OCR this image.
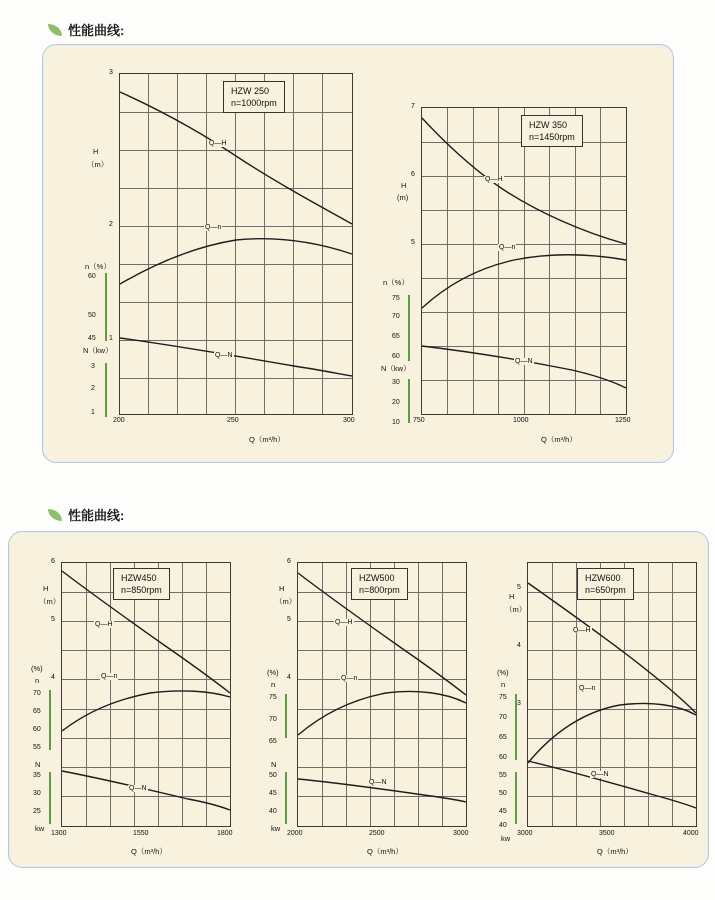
性能曲线:
Q—H
Q—n
Q—N
HZW 250
n=1000rpm
H
（m）
3
2
1
n（%）
60
50
45
N（kw）
3
2
1
200	250	300
Q（m³/h）
Q—H
Q—n
Q—N
HZW 350
n=1450rpm
H
(m)
7
6
5
n（%）
75
70
65
60
N（kw）
30
20
10 750	1000	1250
Q（m³/h）
性能曲线:
Q—H
Q—n
Q—N
HZW450
n=850rpm
H
（m）
6
5
4
(%)
n
70
65
60
55
N
35
30
25
kw
1300	1550	1800
Q（m³/h）
Q—H
Q—n
Q—N
HZW500
n=800rpm
H
（m）
6
5
4
(%)
n
75
70
65
N
50
45
40
kw
2000	2500	3000
Q（m³/h）
Q—H
Q—n
Q—N
HZW600
n=650rpm
H
（m）
5
4
3
(%)
n
75
70
65
60
55
50
45
40
kw
3000	3500	4000
Q（m³/h）
